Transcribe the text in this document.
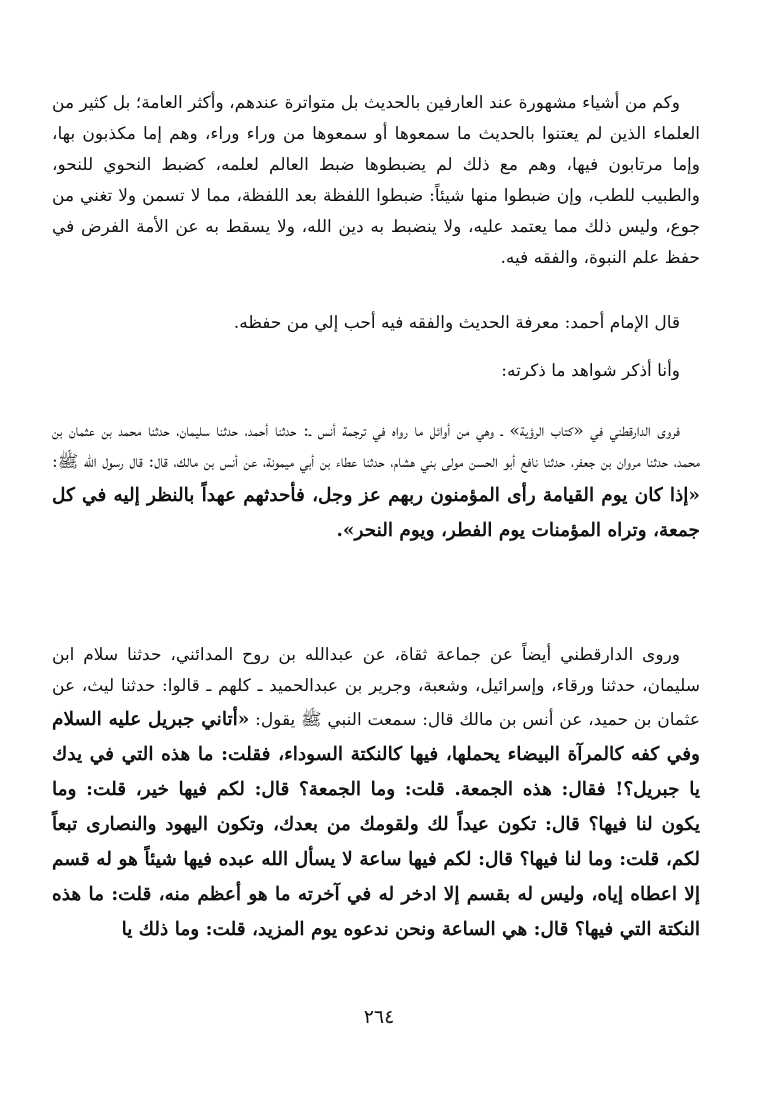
وكم من أشياء مشهورة عند العارفين بالحديث بل متواترة عندهم، وأكثر العامة؛ بل كثير من العلماء الذين لم يعتنوا بالحديث ما سمعوها أو سمعوها من وراء وراء، وهم إما مكذبون بها، وإما مرتابون فيها، وهم مع ذلك لم يضبطوها ضبط العالم لعلمه، كضبط النحوي للنحو، والطبيب للطب، وإن ضبطوا منها شيئاً: ضبطوا اللفظة بعد اللفظة، مما لا تسمن ولا تغني من جوع، وليس ذلك مما يعتمد عليه، ولا ينضبط به دين الله، ولا يسقط به عن الأمة الفرض في حفظ علم النبوة، والفقه فيه.

قال الإمام أحمد: معرفة الحديث والفقه فيه أحب إلي من حفظه.

وأنا أذكر شواهد ما ذكرته:

فروى الدارقطني في «كتاب الرؤية» ـ وهي من أوائل ما رواه في ترجمة أنس ـ: حدثنا أحمد، حدثنا سليمان، حدثنا محمد بن عثمان بن محمد، حدثنا مروان بن جعفر، حدثنا نافع أبو الحسن مولى بني هشام، حدثنا عطاء بن أبي ميمونة، عن أنس بن مالك، قال: قال رسول الله ﷺ: «إذا كان يوم القيامة رأى المؤمنون ربهم عز وجل، فأحدثهم عهداً بالنظر إليه في كل جمعة، وتراه المؤمنات يوم الفطر، ويوم النحر».

وروى الدارقطني أيضاً عن جماعة ثقاة، عن عبدالله بن روح المدائني، حدثنا سلام ابن سليمان، حدثنا ورقاء، وإسرائيل، وشعبة، وجرير بن عبدالحميد ـ كلهم ـ قالوا: حدثنا ليث، عن عثمان بن حميد، عن أنس بن مالك قال: سمعت النبي ﷺ يقول: «أتاني جبريل عليه السلام وفي كفه كالمرآة البيضاء يحملها، فيها كالنكتة السوداء، فقلت: ما هذه التي في يدك يا جبريل؟! فقال: هذه الجمعة. قلت: وما الجمعة؟ قال: لكم فيها خير، قلت: وما يكون لنا فيها؟ قال: تكون عيداً لك ولقومك من بعدك، وتكون اليهود والنصارى تبعاً لكم، قلت: وما لنا فيها؟ قال: لكم فيها ساعة لا يسأل الله عبده فيها شيئاً هو له قسم إلا اعطاه إياه، وليس له بقسم إلا ادخر له في آخرته ما هو أعظم منه، قلت: ما هذه النكتة التي فيها؟ قال: هي الساعة ونحن ندعوه يوم المزيد، قلت: وما ذلك يا

٢٦٤
